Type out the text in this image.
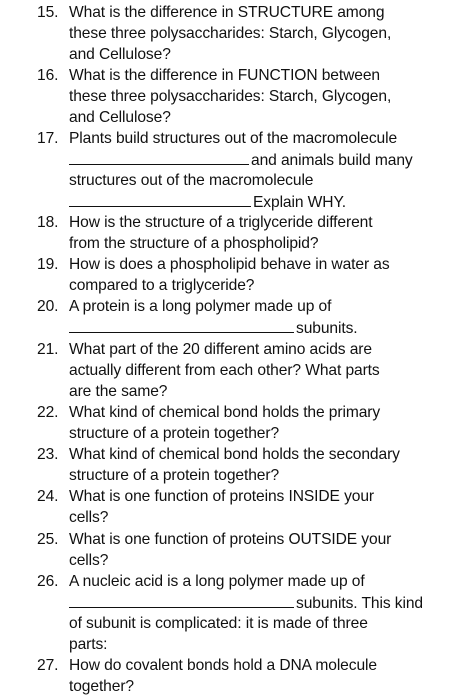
15. What is the difference in STRUCTURE among
these three polysaccharides: Starch, Glycogen,
and Cellulose?
16. What is the difference in FUNCTION between
these three polysaccharides: Starch, Glycogen,
and Cellulose?
17. Plants build structures out of the macromolecule
and animals build many
structures out of the macromolecule
Explain WHY.
18. How is the structure of a triglyceride different
from the structure of a phospholipid?
19. How is does a phospholipid behave in water as
compared to a triglyceride?
20. A protein is a long polymer made up of
subunits.
21. What part of the 20 different amino acids are
actually different from each other? What parts
are the same?
22. What kind of chemical bond holds the primary
structure of a protein together?
23. What kind of chemical bond holds the secondary
structure of a protein together?
24. What is one function of proteins INSIDE your
cells?
25. What is one function of proteins OUTSIDE your
cells?
26. A nucleic acid is a long polymer made up of
subunits. This kind
of subunit is complicated: it is made of three
parts:
27. How do covalent bonds hold a DNA molecule
together?
